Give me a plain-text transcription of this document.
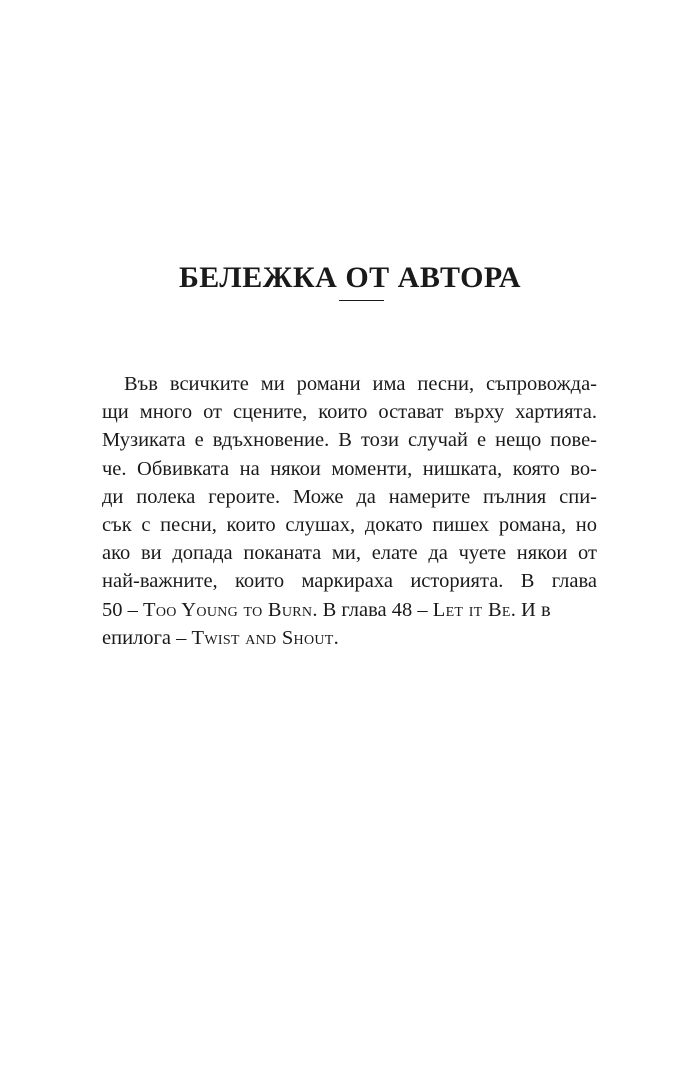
БЕЛЕЖКА ОТ АВТОРА
Във всичките ми романи има песни, съпровожда-
щи много от сцените, които остават върху хартията.
Музиката е вдъхновение. В този случай е нещо пове-
че. Обвивката на някои моменти, нишката, която во-
ди полека героите. Може да намерите пълния спи-
сък с песни, които слушах, докато пишех романа, но
ако ви допада поканата ми, елате да чуете някои от
най-важните, които маркираха историята. В глава
50 – Too Young to Burn. В глава 48 – Let it Be. И в
епилога – Twist and Shout.
